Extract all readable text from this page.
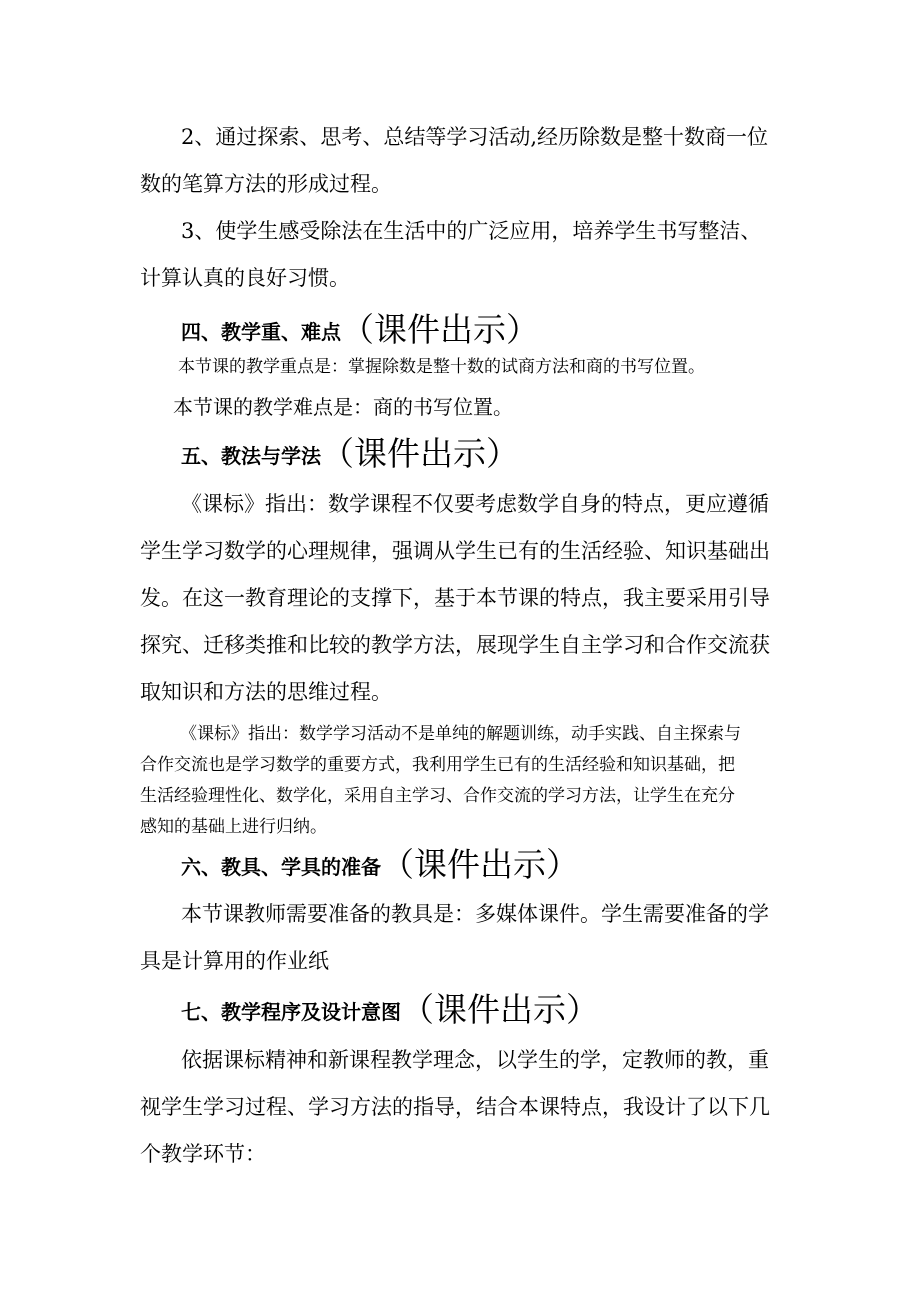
2、通过探索、思考、总结等学习活动,经历除数是整十数商一位

数的笔算方法的形成过程。

3、使学生感受除法在生活中的广泛应用，培养学生书写整洁、

计算认真的良好习惯。

四、教学重、难点 （课件出示）

本节课的教学重点是：掌握除数是整十数的试商方法和商的书写位置。

本节课的教学难点是：商的书写位置。

五、教法与学法 （课件出示）

《课标》指出：数学课程不仅要考虑数学自身的特点，更应遵循

学生学习数学的心理规律，强调从学生已有的生活经验、知识基础出

发。在这一教育理论的支撑下，基于本节课的特点，我主要采用引导

探究、迁移类推和比较的教学方法，展现学生自主学习和合作交流获

取知识和方法的思维过程。

《课标》指出：数学学习活动不是单纯的解题训练，动手实践、自主探索与

合作交流也是学习数学的重要方式，我利用学生已有的生活经验和知识基础，把

生活经验理性化、数学化，采用自主学习、合作交流的学习方法，让学生在充分

感知的基础上进行归纳。

六、教具、学具的准备 （课件出示）

本节课教师需要准备的教具是：多媒体课件。学生需要准备的学

具是计算用的作业纸

七、教学程序及设计意图 （课件出示）

依据课标精神和新课程教学理念，以学生的学，定教师的教，重

视学生学习过程、学习方法的指导，结合本课特点，我设计了以下几

个教学环节：
